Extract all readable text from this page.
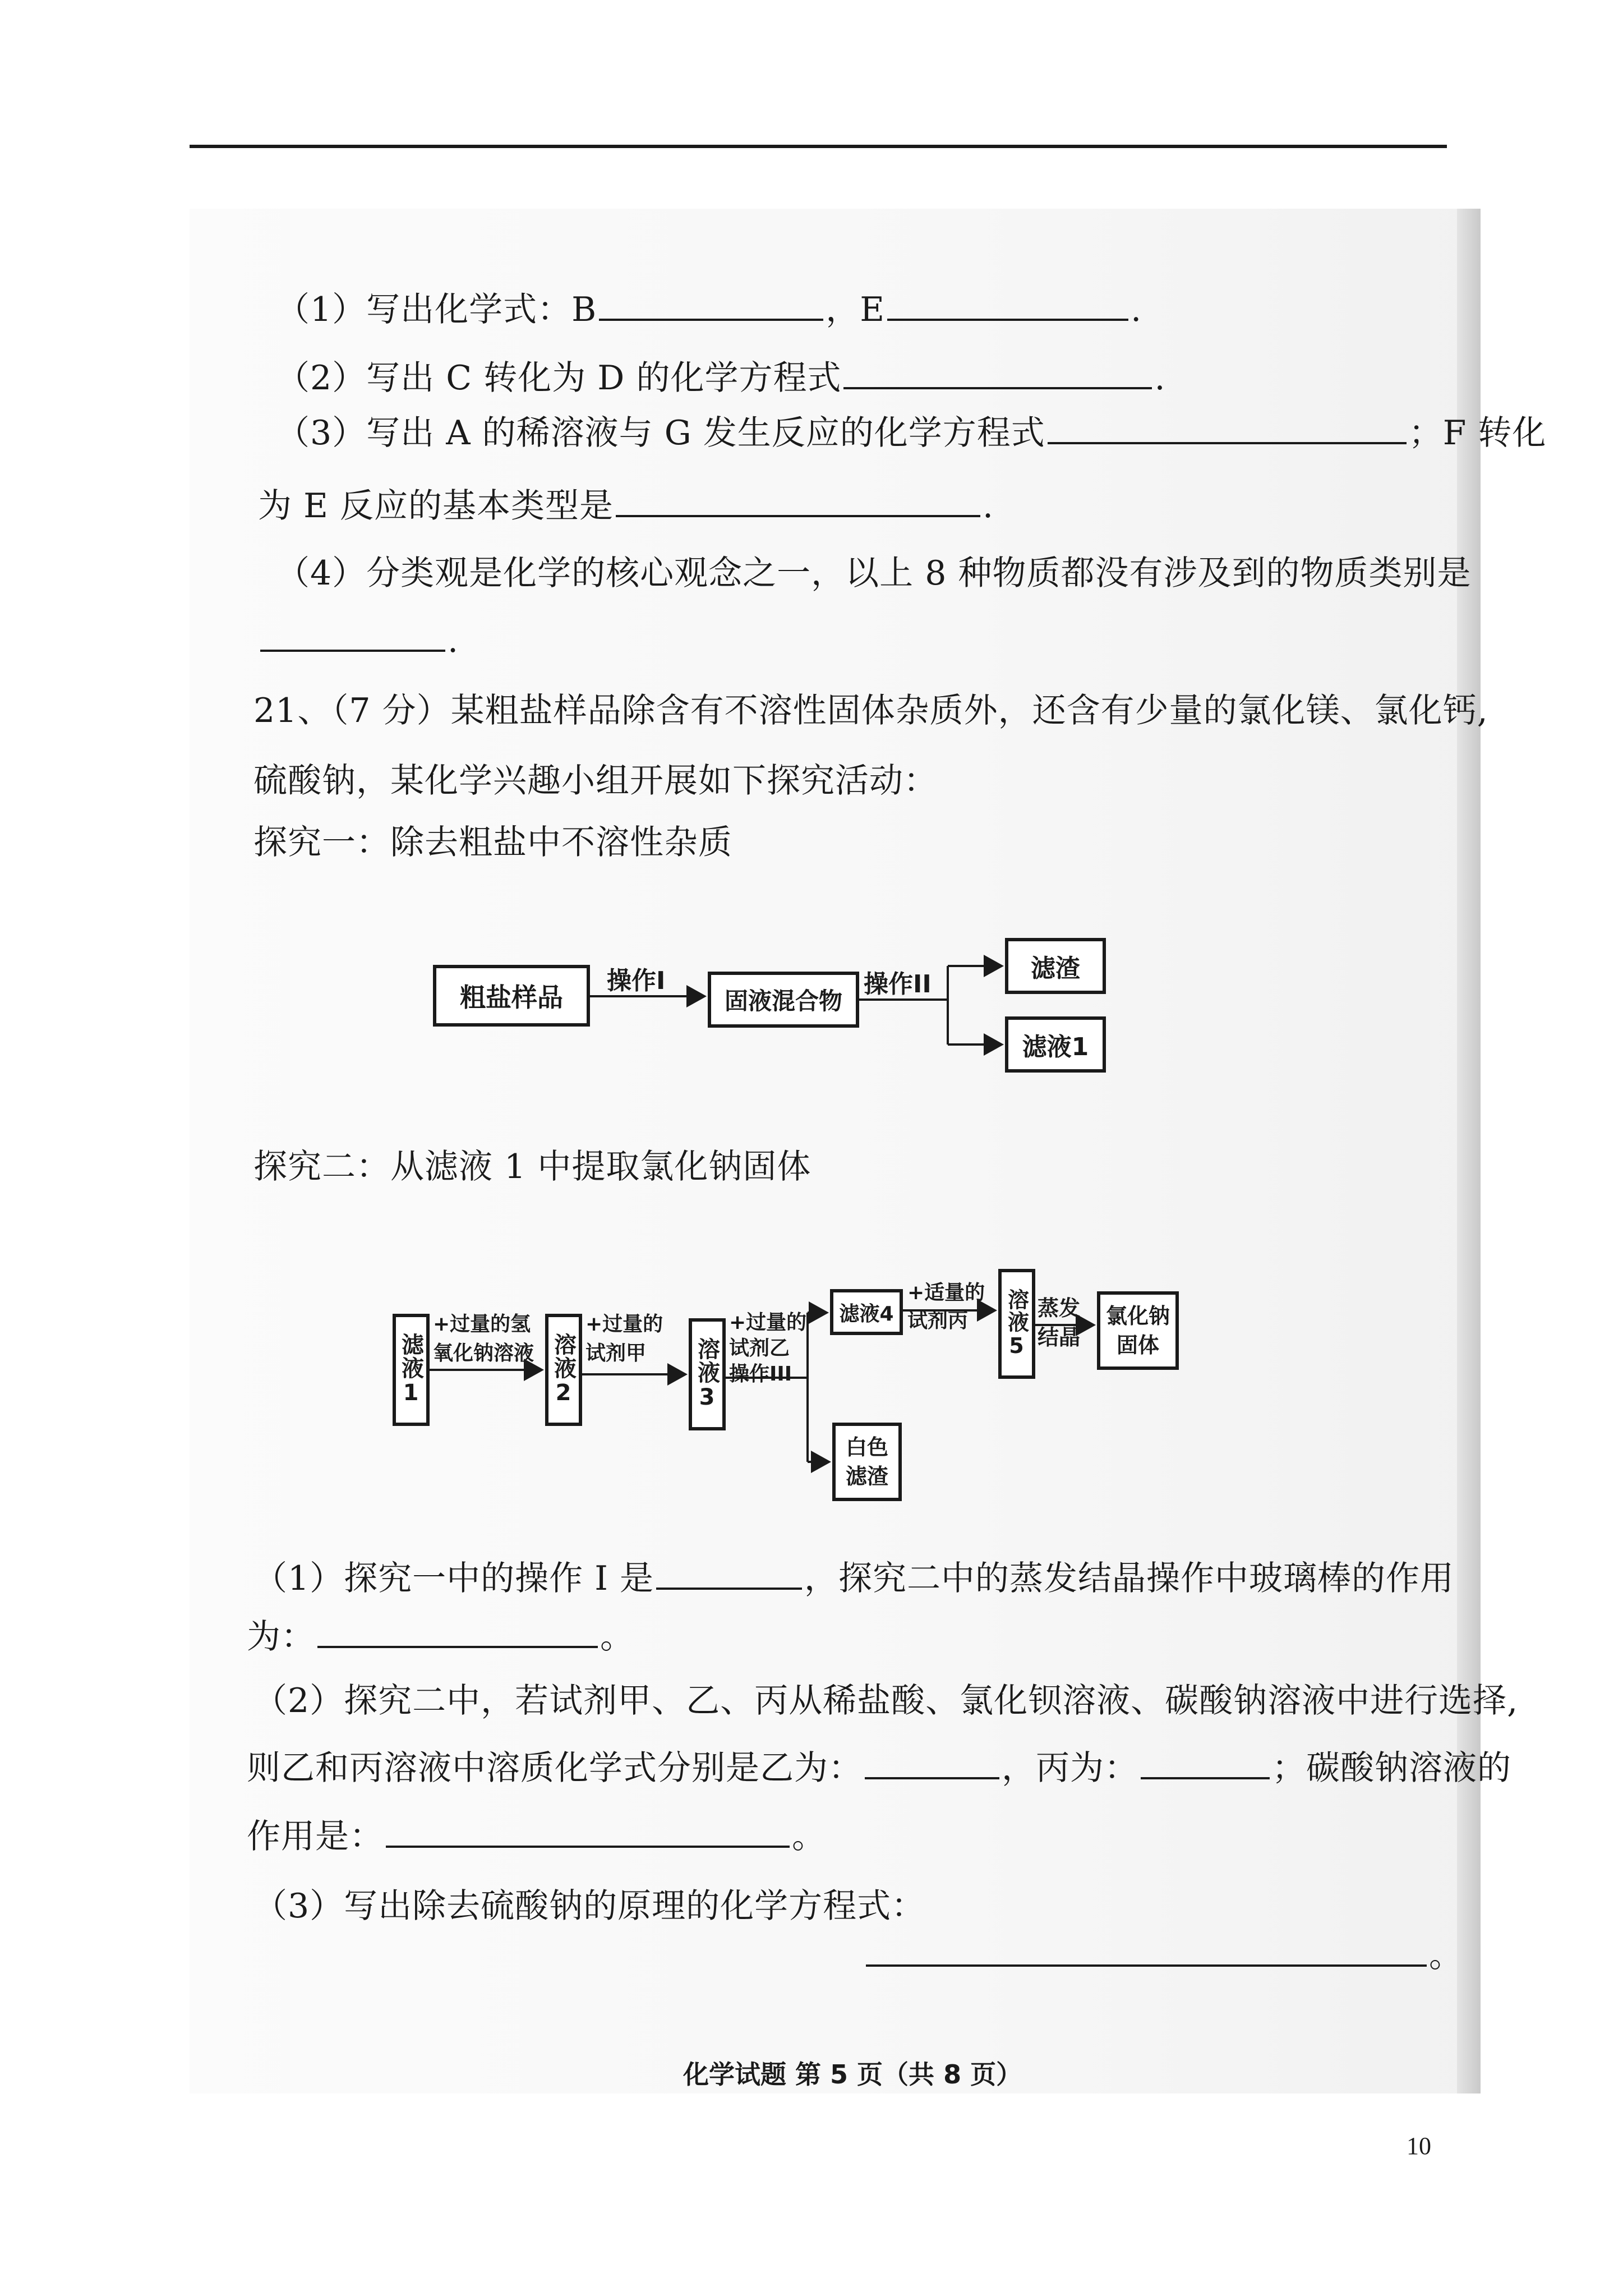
（1）写出化学式：B	，E	.
（2）写出 C 转化为 D 的化学方程式	.
（3）写出 A 的稀溶液与 G 发生反应的化学方程式	；F 转化
为 E 反应的基本类型是	.
（4）分类观是化学的核心观念之一，以上 8 种物质都没有涉及到的物质类别是
.
21、（7 分）某粗盐样品除含有不溶性固体杂质外，还含有少量的氯化镁、氯化钙,
硫酸钠，某化学兴趣小组开展如下探究活动：
探究一：除去粗盐中不溶性杂质
粗盐样品
操作I
固液混合物
操作II
滤渣
滤液1
探究二：从滤液 1 中提取氯化钠固体
滤液1
+过量的氢
氧化钠溶液 溶液2
+过量的
试剂甲	溶液3
+过量的
试剂乙
操作III
滤液4
+适量的
试剂丙	溶液5 蒸发
结晶
氯化钠
固体
白色
滤渣
（1）探究一中的操作 I 是	，探究二中的蒸发结晶操作中玻璃棒的作用
为：	。
（2）探究二中，若试剂甲、乙、丙从稀盐酸、氯化钡溶液、碳酸钠溶液中进行选择,
则乙和丙溶液中溶质化学式分别是乙为：	，丙为：	；碳酸钠溶液的
作用是：	。
（3）写出除去硫酸钠的原理的化学方程式：
。
化学试题 第 5 页（共 8 页）
10
